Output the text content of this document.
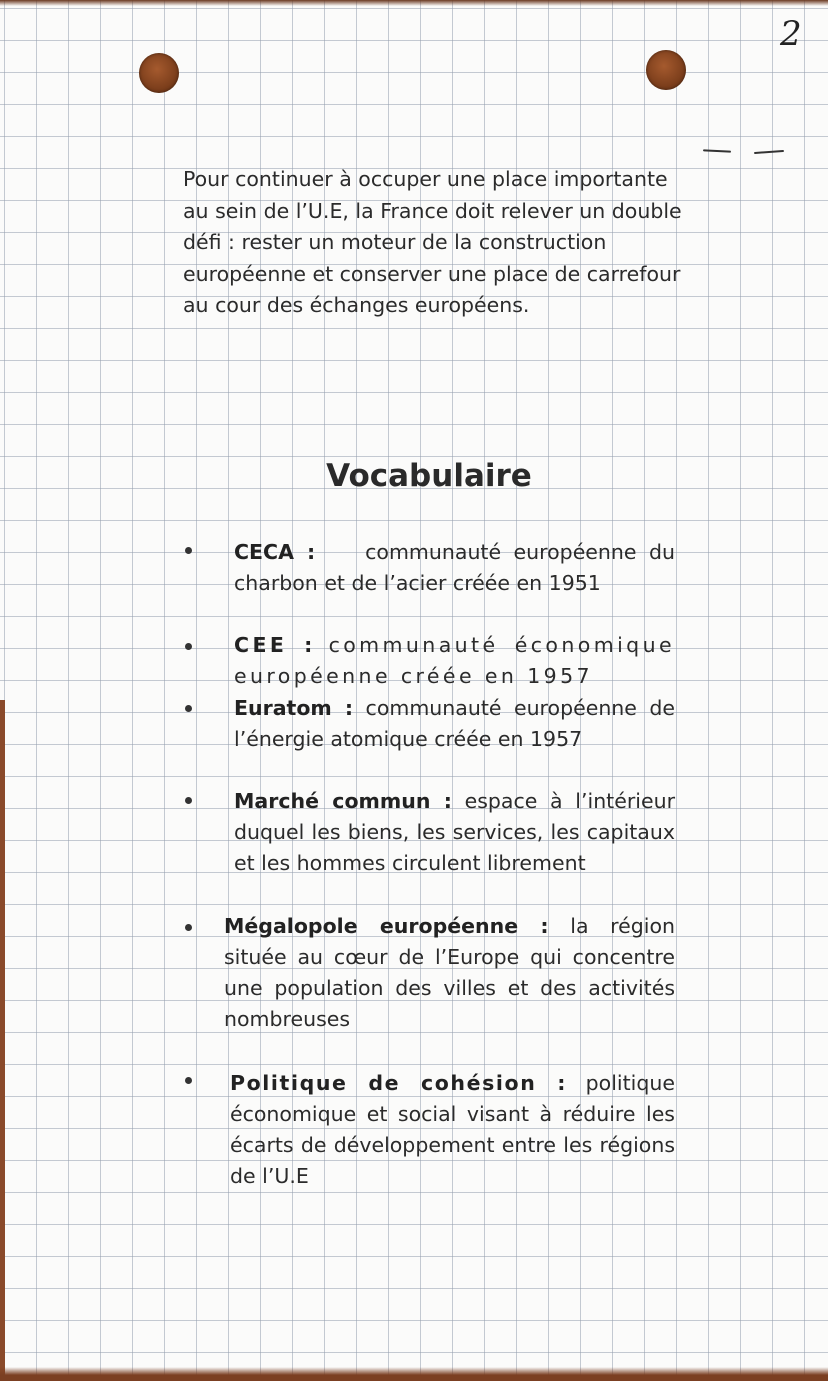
2
Pour continuer à occuper une place importante au sein de l’U.E, la France doit relever un double défi : rester un moteur de la construction européenne et conserver une place de carrefour au cour des échanges européens.
Vocabulaire
CECA : communauté européenne du charbon et de l’acier créée en 1951
CEE : communauté économique européenne créée en 1957
Euratom : communauté européenne de l’énergie atomique créée en 1957
Marché commun : espace à l’intérieur duquel les biens, les services, les capitaux et les hommes circulent librement
Mégalopole européenne : la région située au cœur de l’Europe qui concentre une population des villes et des activités nombreuses
Politique de cohésion : politique économique et social visant à réduire les écarts de développement entre les régions de l’U.E
